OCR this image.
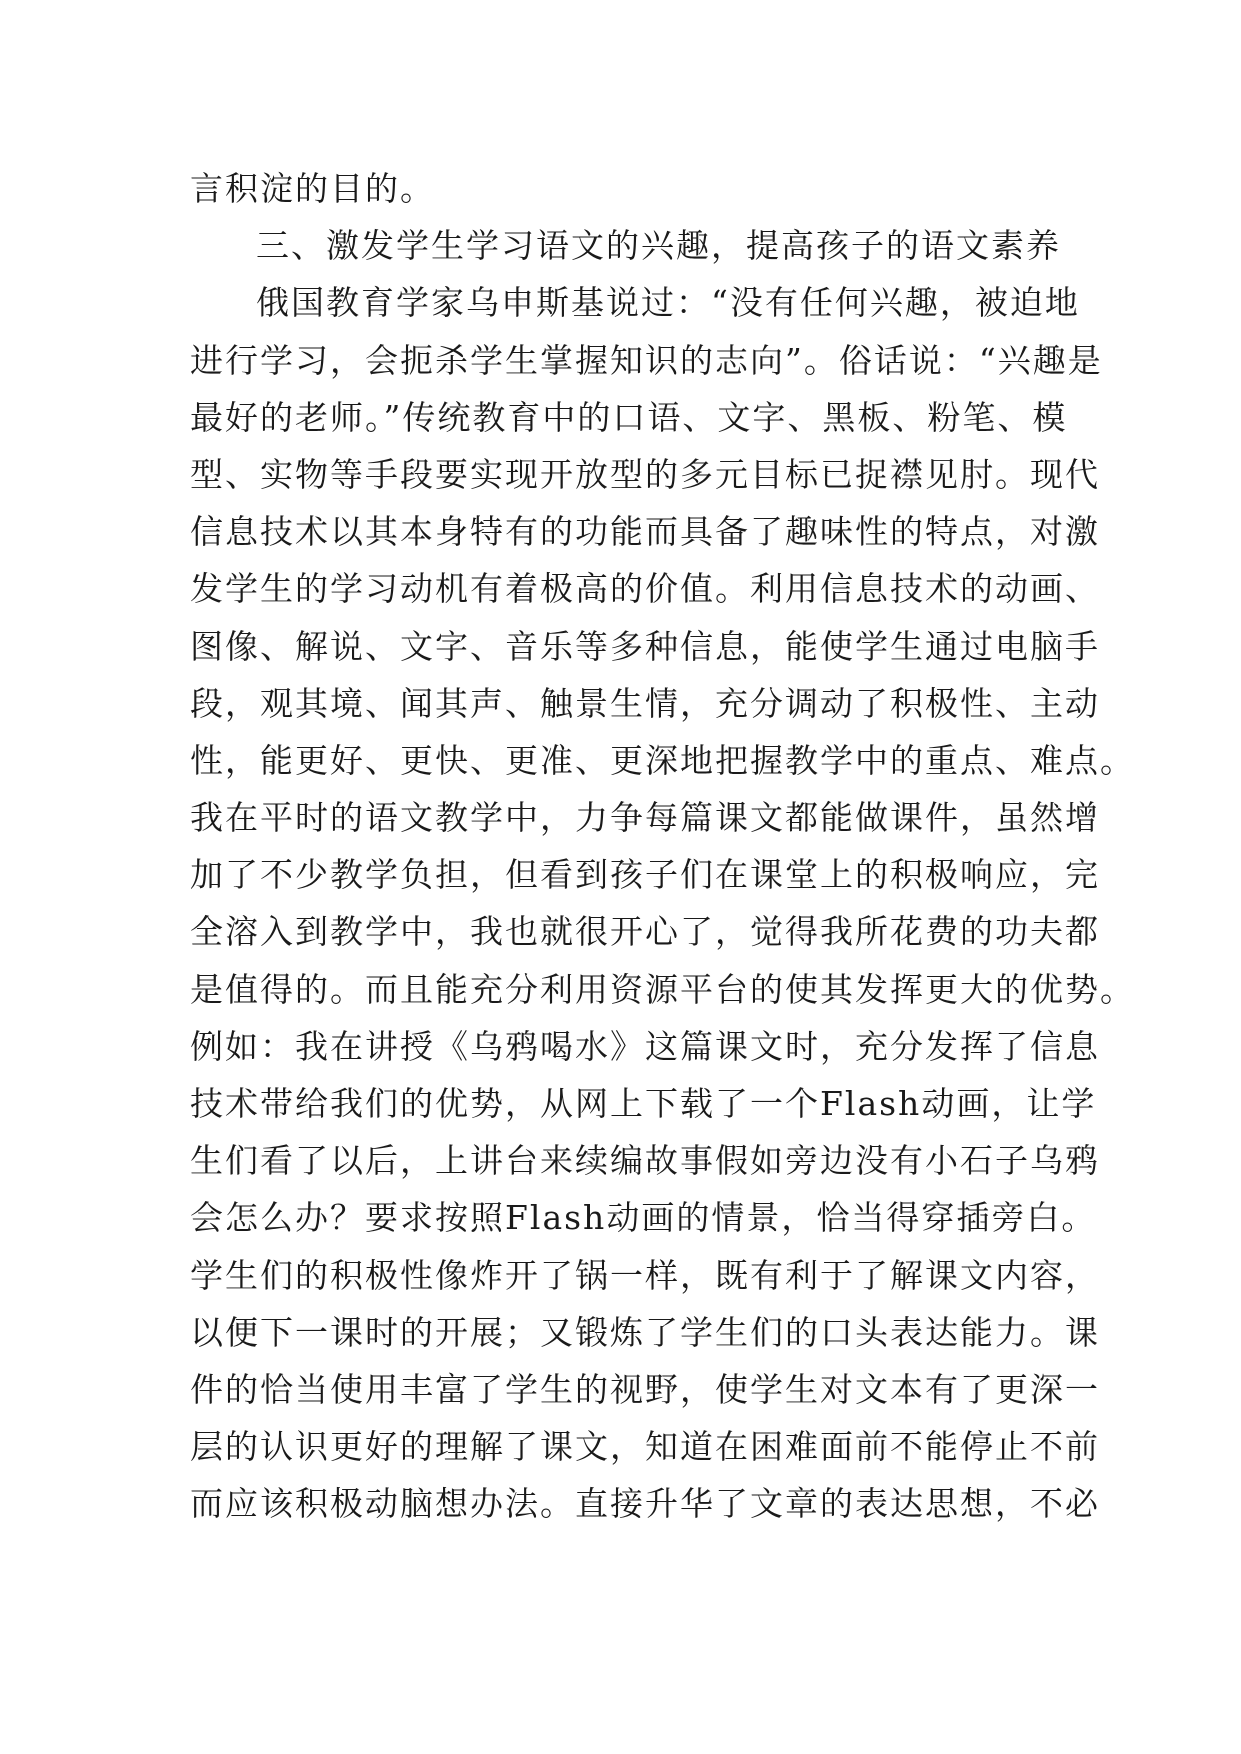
言积淀的目的。
三、激发学生学习语文的兴趣，提高孩子的语文素养
俄国教育学家乌申斯基说过：“没有任何兴趣，被迫地
进行学习，会扼杀学生掌握知识的志向”。俗话说：“兴趣是
最好的老师。”传统教育中的口语、文字、黑板、粉笔、模
型、实物等手段要实现开放型的多元目标已捉襟见肘。现代
信息技术以其本身特有的功能而具备了趣味性的特点，对激
发学生的学习动机有着极高的价值。利用信息技术的动画、
图像、解说、文字、音乐等多种信息，能使学生通过电脑手
段，观其境、闻其声、触景生情，充分调动了积极性、主动
性，能更好、更快、更准、更深地把握教学中的重点、难点。
我在平时的语文教学中，力争每篇课文都能做课件，虽然增
加了不少教学负担，但看到孩子们在课堂上的积极响应，完
全溶入到教学中，我也就很开心了，觉得我所花费的功夫都
是值得的。而且能充分利用资源平台的使其发挥更大的优势。
例如：我在讲授《乌鸦喝水》这篇课文时，充分发挥了信息
技术带给我们的优势，从网上下载了一个Flash动画，让学
生们看了以后，上讲台来续编故事假如旁边没有小石子乌鸦
会怎么办？要求按照Flash动画的情景，恰当得穿插旁白。
学生们的积极性像炸开了锅一样，既有利于了解课文内容，
以便下一课时的开展；又锻炼了学生们的口头表达能力。课
件的恰当使用丰富了学生的视野，使学生对文本有了更深一
层的认识更好的理解了课文，知道在困难面前不能停止不前
而应该积极动脑想办法。直接升华了文章的表达思想，不必
